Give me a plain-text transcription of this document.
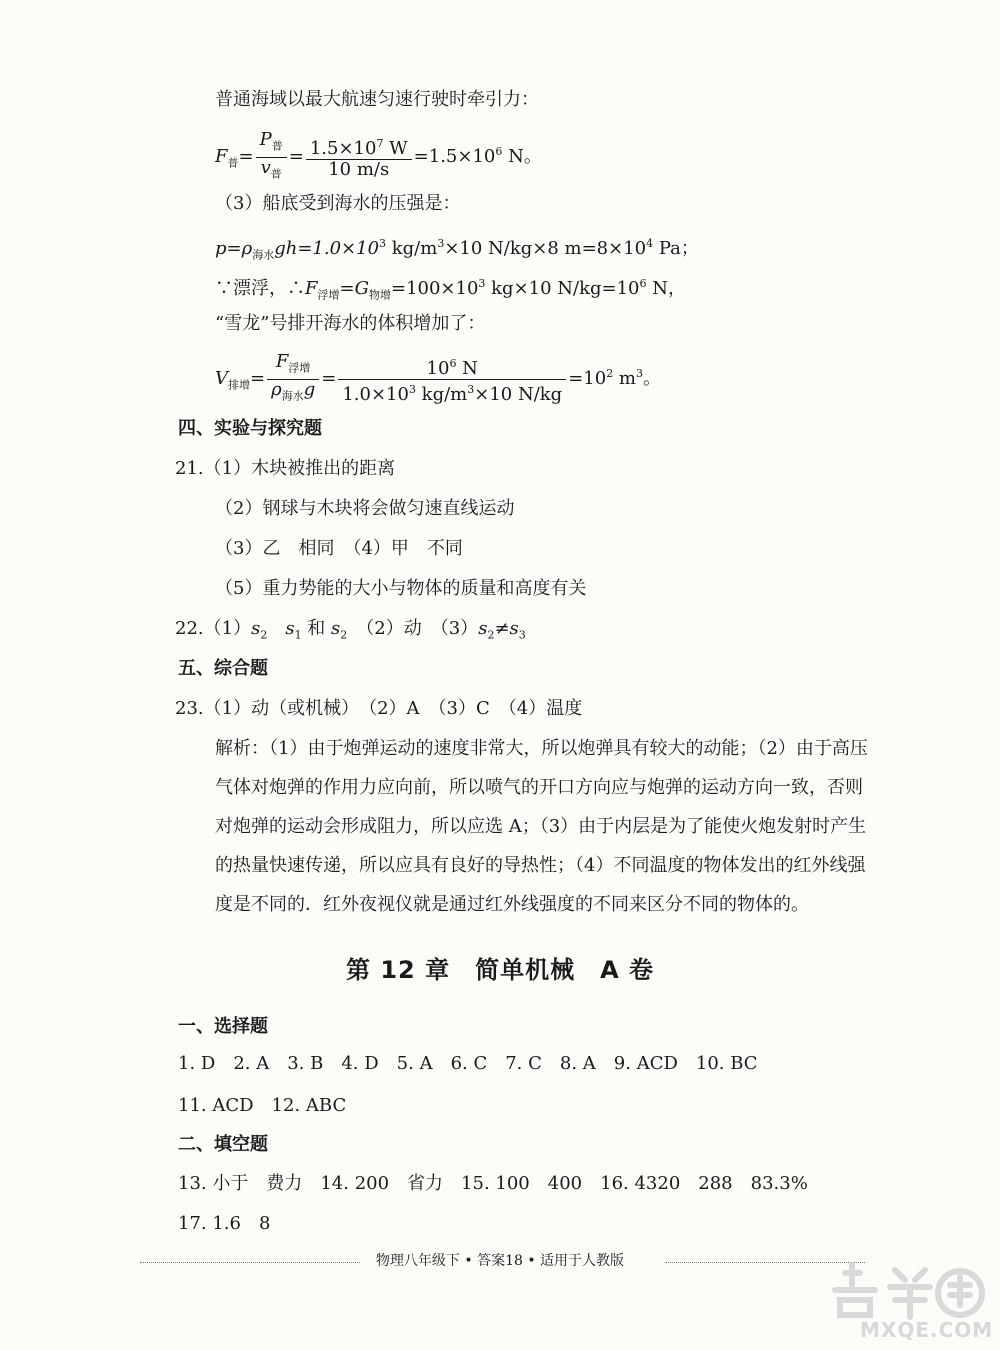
普通海域以最大航速匀速行驶时牵引力：
$F_普= \frac{P_普}{v_普} = \frac{1.5\times 10^7 W}{10 m/s} =1.5\times 10^6$ N。
（3）船底受到海水的压强是：
$p=\rho_{海水}gh=1.0\times 10^3$ $kg/m^3\times 10$ N/kg×8 $m=8\times 10^4$ Pa；
∵漂浮，$\therefore F_{浮增}=G_{物增}=100\times 10^3$ kg×10 $N/kg=10^6$ N，
“雪龙”号排开海水的体积增加了：
$V_{排增}= \frac{F_{浮增}}{\rho_{海水}g} = \frac{10^6 N}{1.0\times 10^3 kg/m^3\times 10 N/kg} =10^2$ $m^3$。
四、实验与探究题
21.（1）木块被推出的距离
（2）钢球与木块将会做匀速直线运动
（3）乙　相同　（4）甲　不同
（5）重力势能的大小与物体的质量和高度有关
$22.(1)s_2$　 $s_1$ 和 $s_2$　（2）动　$(3)s_2\ne s_3$
五、综合题
23.（1）动（或机械）　（2）A　（3）C　（4）温度
解析：（1）由于炮弹运动的速度非常大，所以炮弹具有较大的动能；（2）由于高压
气体对炮弹的作用力应向前，所以喷气的开口方向应与炮弹的运动方向一致，否则
对炮弹的运动会形成阻力，所以应选 A；（3）由于内层是为了能使火炮发射时产生
的热量快速传递，所以应具有良好的导热性；（4）不同温度的物体发出的红外线强
度是不同的．红外夜视仪就是通过红外线强度的不同来区分不同的物体的。
第 12 章　简单机械　A 卷
一、选择题
1. D　2. A　3. B　4. D　5. A　6. C　7. C　8. A　9. ACD　10. BC
11. ACD　12. ABC
二、填空题
13. 小于　费力　14. 200　省力　15. 100　400　16. 4320　288　83.3%
17. 1.6　8
物理八年级下 • 答案18 • 适用于人教版
MXQE.COM
